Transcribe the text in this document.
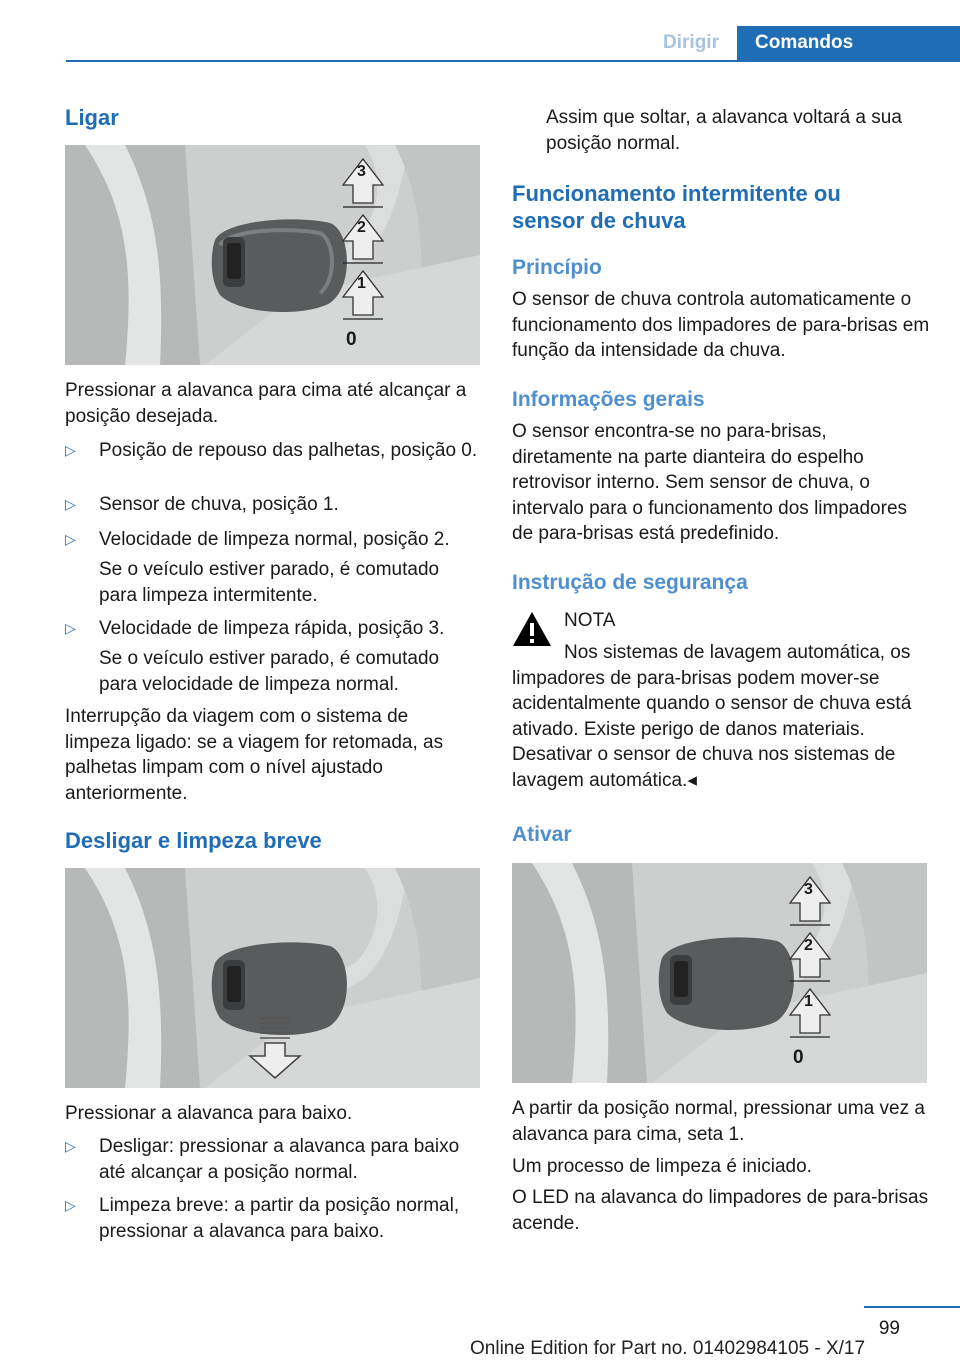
Dirigir	Comandos
Ligar
3
2
1
0
Pressionar a alavanca para cima até alcançar a posição desejada.
▷ Posição de repouso das palhetas, posição 0.
▷ Sensor de chuva, posição 1.
▷ Velocidade de limpeza normal, posição 2.
Se o veículo estiver parado, é comutado para limpeza intermitente.
▷ Velocidade de limpeza rápida, posição 3.
Se o veículo estiver parado, é comutado para velocidade de limpeza normal.
Interrupção da viagem com o sistema de limpeza ligado: se a viagem for retomada, as palhetas limpam com o nível ajustado anteriormente.
Desligar e limpeza breve
Pressionar a alavanca para baixo.
▷ Desligar: pressionar a alavanca para baixo até alcançar a posição normal.
▷ Limpeza breve: a partir da posição normal, pressionar a alavanca para baixo.
Assim que soltar, a alavanca voltará a sua posição normal.
Funcionamento intermitente ou sensor de chuva
Princípio
O sensor de chuva controla automaticamente o funcionamento dos limpadores de para-brisas em função da intensidade da chuva.
Informações gerais
O sensor encontra-se no para-brisas, diretamente na parte dianteira do espelho retrovisor interno. Sem sensor de chuva, o intervalo para o funcionamento dos limpadores de para-brisas está predefinido.
Instrução de segurança
NOTA
Nos sistemas de lavagem automática, os limpadores de para-brisas podem mover-se acidentalmente quando o sensor de chuva está ativado. Existe perigo de danos materiais. Desativar o sensor de chuva nos sistemas de lavagem automática.◂
Ativar
3
2
1
0
A partir da posição normal, pressionar uma vez a alavanca para cima, seta 1.
Um processo de limpeza é iniciado.
O LED na alavanca do limpadores de para-brisas acende.
99
Online Edition for Part no. 01402984105 - X/17
